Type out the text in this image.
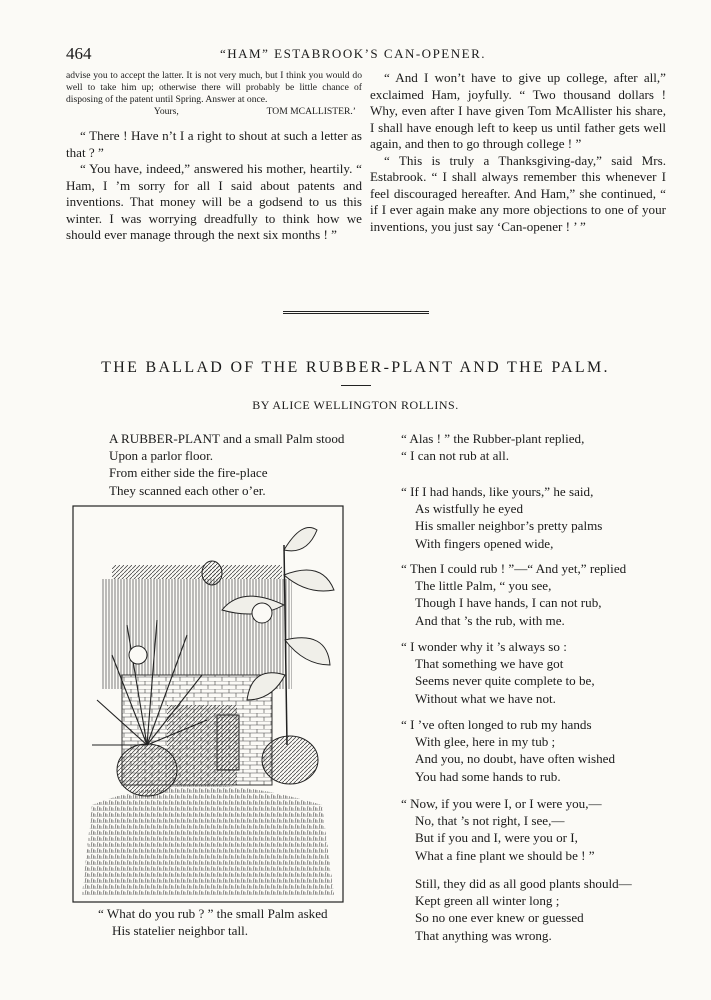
464	“HAM” ESTABROOK’S CAN-OPENER.
advise you to accept the latter. It is not very much, but I think you would do well to take him up; otherwise there will probably be little chance of disposing of the patent until Spring. Answer at once.
Yours,	TOM MCALLISTER.’

“ There ! Have n’t I a right to shout at such a letter as that ? ”

“ You have, indeed,” answered his mother, heartily. “ Ham, I ’m sorry for all I said about patents and inventions. That money will be a godsend to us this winter. I was worrying dreadfully to think how we should ever manage through the next six months ! ”

“ And I won’t have to give up college, after all,” exclaimed Ham, joyfully. “ Two thousand dollars ! Why, even after I have given Tom McAllister his share, I shall have enough left to keep us until father gets well again, and then to go through college ! ”

“ This is truly a Thanksgiving-day,” said Mrs. Estabrook. “ I shall always remember this whenever I feel discouraged hereafter. And Ham,” she continued, “ if I ever again make any more objections to one of your inventions, you just say ‘Can-opener ! ’ ”

THE BALLAD OF THE RUBBER-PLANT AND THE PALM.
BY ALICE WELLINGTON ROLLINS.
A RUBBER-PLANT and a small Palm stood
Upon a parlor floor.
From either side the fire-place
They scanned each other o’er.
“ What do you rub ? ” the small Palm asked
His statelier neighbor tall.
“ Alas ! ” the Rubber-plant replied,
“ I can not rub at all.
“ If I had hands, like yours,” he said,
As wistfully he eyed
His smaller neighbor’s pretty palms
With fingers opened wide,
“ Then I could rub ! ”—“ And yet,” replied
The little Palm, “ you see,
Though I have hands, I can not rub,
And that ’s the rub, with me.
“ I wonder why it ’s always so :
That something we have got
Seems never quite complete to be,
Without what we have not.
“ I ’ve often longed to rub my hands
With glee, here in my tub ;
And you, no doubt, have often wished
You had some hands to rub.
“ Now, if you were I, or I were you,—
No, that ’s not right, I see,—
But if you and I, were you or I,
What a fine plant we should be ! ”
Still, they did as all good plants should—
Kept green all winter long ;
So no one ever knew or guessed
That anything was wrong.
